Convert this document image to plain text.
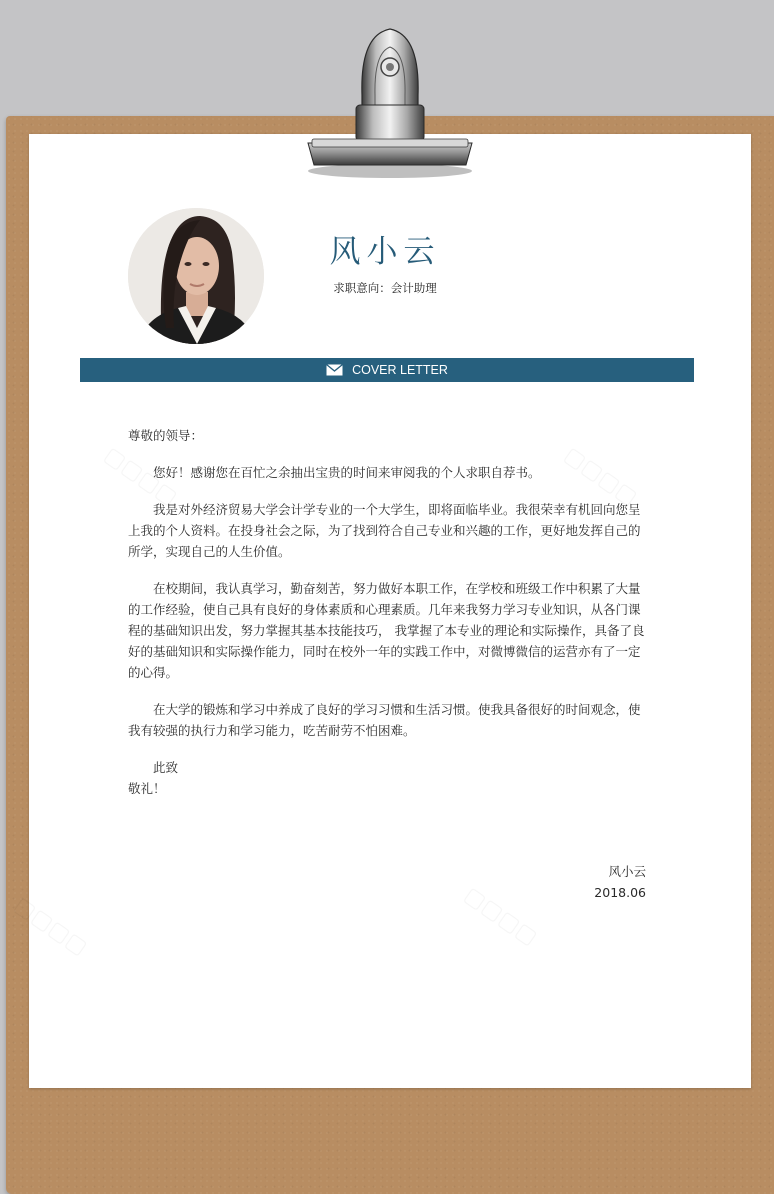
风小云
求职意向：会计助理
COVER LETTER

尊敬的领导：

您好！感谢您在百忙之余抽出宝贵的时间来审阅我的个人求职自荐书。

我是对外经济贸易大学会计学专业的一个大学生，即将面临毕业。我很荣幸有机回向您呈上我的个人资料。在投身社会之际，为了找到符合自己专业和兴趣的工作，更好地发挥自己的所学，实现自己的人生价值。

在校期间，我认真学习，勤奋刻苦，努力做好本职工作，在学校和班级工作中积累了大量的工作经验，使自己具有良好的身体素质和心理素质。几年来我努力学习专业知识，从各门课程的基础知识出发，努力掌握其基本技能技巧， 我掌握了本专业的理论和实际操作，具备了良好的基础知识和实际操作能力，同时在校外一年的实践工作中，对微博微信的运营亦有了一定的心得。

在大学的锻炼和学习中养成了良好的学习习惯和生活习惯。使我具备很好的时间观念，使我有较强的执行力和学习能力，吃苦耐劳不怕困难。

此致

敬礼！

风小云
2018.06
